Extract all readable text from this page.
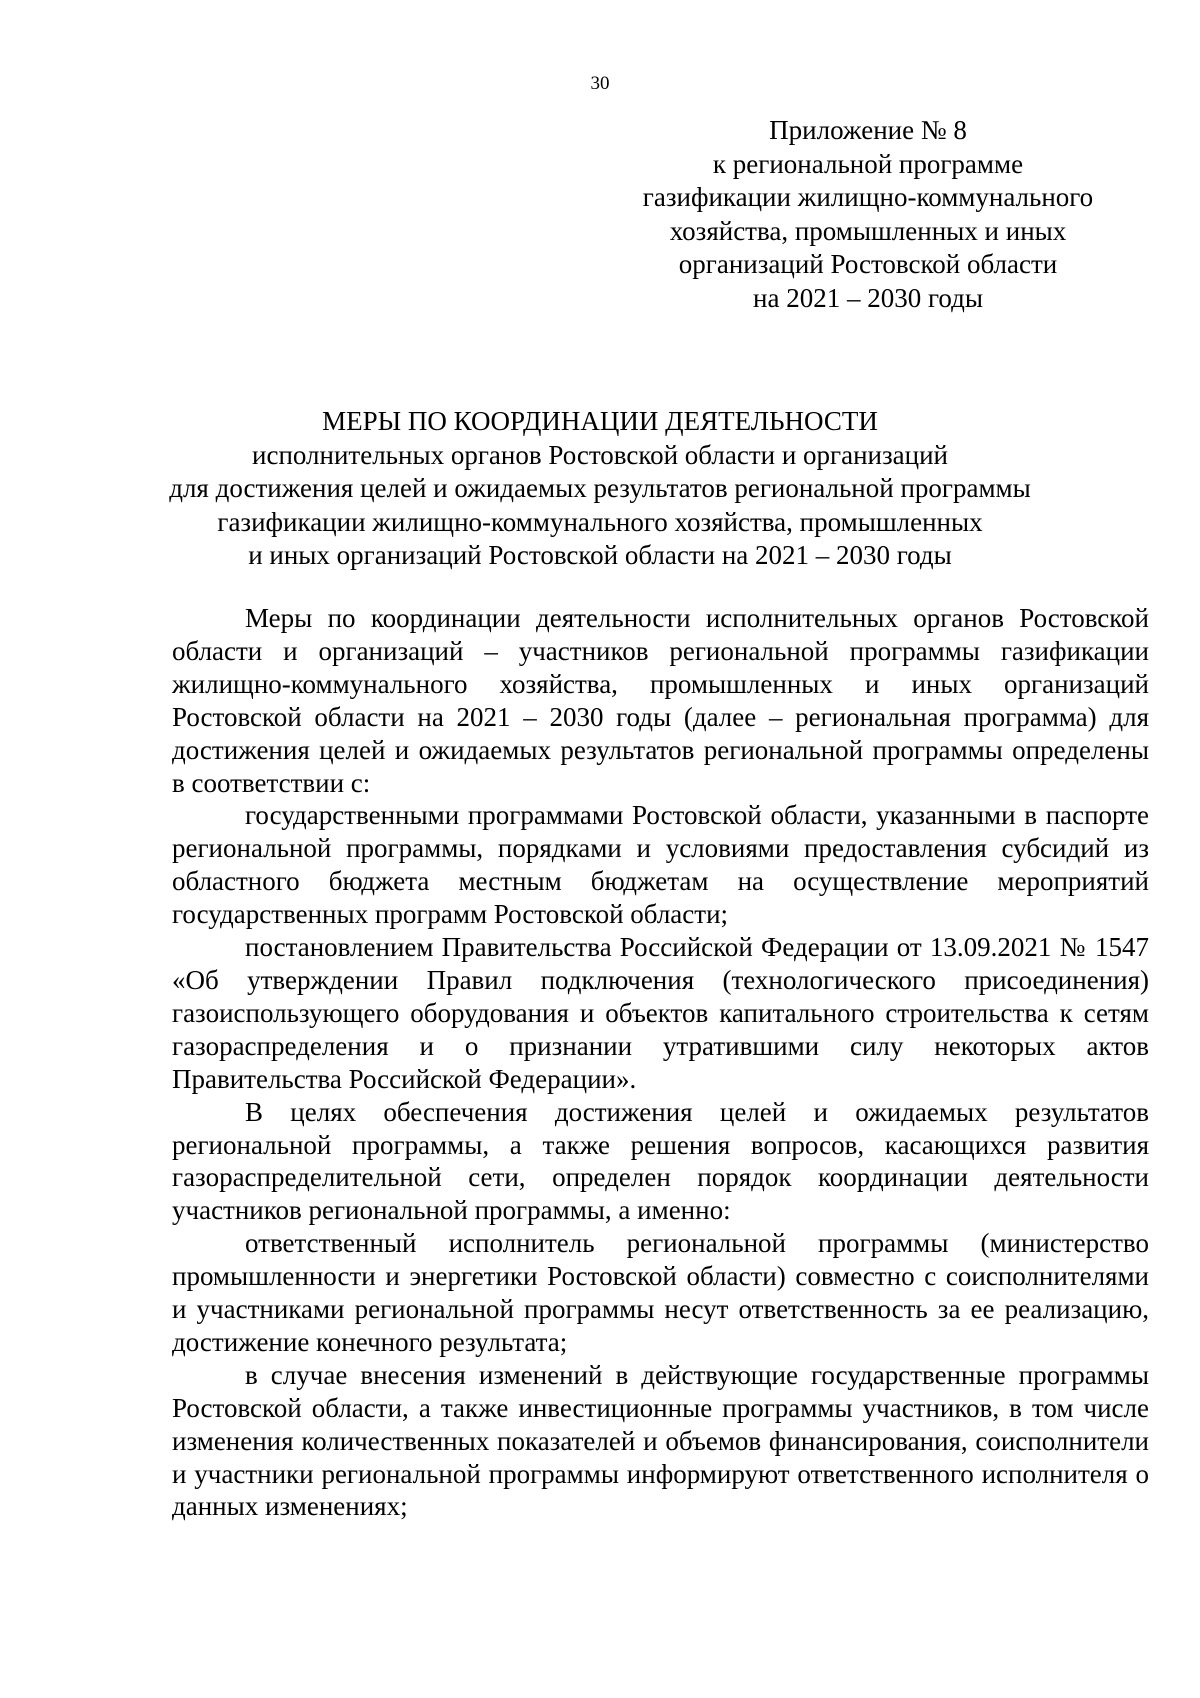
30
Приложение № 8
к региональной программе
газификации жилищно-коммунального
хозяйства, промышленных и иных
организаций Ростовской области
на 2021 – 2030 годы
МЕРЫ ПО КООРДИНАЦИИ ДЕЯТЕЛЬНОСТИ
исполнительных органов Ростовской области и организаций
для достижения целей и ожидаемых результатов региональной программы
газификации жилищно-коммунального хозяйства, промышленных
и иных организаций Ростовской области на 2021 – 2030 годы

Меры по координации деятельности исполнительных органов Ростовской области и организаций – участников региональной программы газификации жилищно-коммунального хозяйства, промышленных и иных организаций Ростовской области на 2021 – 2030 годы (далее – региональная программа) для достижения целей и ожидаемых результатов региональной программы определены в соответствии с:

государственными программами Ростовской области, указанными в паспорте региональной программы, порядками и условиями предоставления субсидий из областного бюджета местным бюджетам на осуществление мероприятий государственных программ Ростовской области;

постановлением Правительства Российской Федерации от 13.09.2021 № 1547 «Об утверждении Правил подключения (технологического присоединения) газоиспользующего оборудования и объектов капитального строительства к сетям газораспределения и о признании утратившими силу некоторых актов Правительства Российской Федерации».

В целях обеспечения достижения целей и ожидаемых результатов региональной программы, а также решения вопросов, касающихся развития газораспределительной сети, определен порядок координации деятельности участников региональной программы, а именно:

ответственный исполнитель региональной программы (министерство промышленности и энергетики Ростовской области) совместно с соисполнителями и участниками региональной программы несут ответственность за ее реализацию, достижение конечного результата;

в случае внесения изменений в действующие государственные программы Ростовской области, а также инвестиционные программы участников, в том числе изменения количественных показателей и объемов финансирования, соисполнители и участники региональной программы информируют ответственного исполнителя о данных изменениях;
